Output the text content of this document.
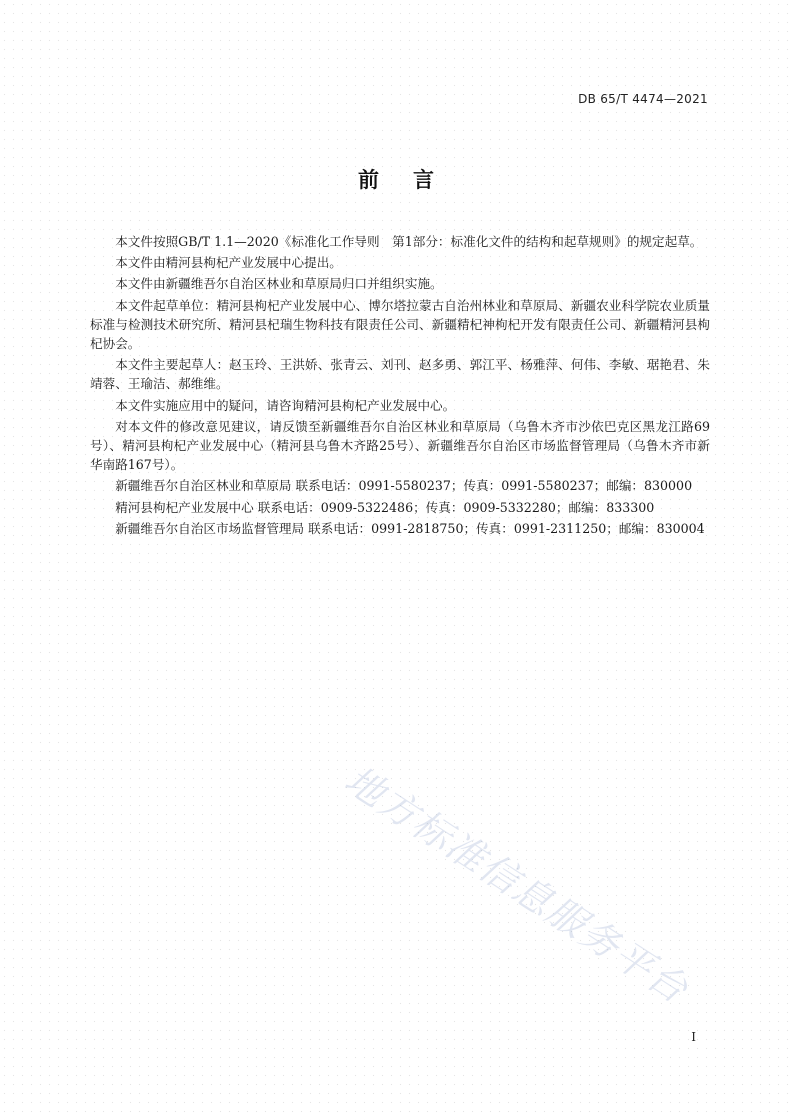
DB 65/T 4474—2021
前言

本文件按照GB/T 1.1—2020《标准化工作导则　第1部分：标准化文件的结构和起草规则》的规定起草。

本文件由精河县枸杞产业发展中心提出。

本文件由新疆维吾尔自治区林业和草原局归口并组织实施。

本文件起草单位：精河县枸杞产业发展中心、博尔塔拉蒙古自治州林业和草原局、新疆农业科学院农业质量标准与检测技术研究所、精河县杞瑞生物科技有限责任公司、新疆精杞神枸杞开发有限责任公司、新疆精河县枸杞协会。

本文件主要起草人：赵玉玲、王洪娇、张青云、刘刊、赵多勇、郭江平、杨雅萍、何伟、李敏、琚艳君、朱靖蓉、王瑜洁、郝维维。

本文件实施应用中的疑问，请咨询精河县枸杞产业发展中心。

对本文件的修改意见建议，请反馈至新疆维吾尔自治区林业和草原局（乌鲁木齐市沙依巴克区黑龙江路69号）、精河县枸杞产业发展中心（精河县乌鲁木齐路25号）、新疆维吾尔自治区市场监督管理局（乌鲁木齐市新华南路167号）。

新疆维吾尔自治区林业和草原局 联系电话：0991-5580237；传真：0991-5580237；邮编：830000

精河县枸杞产业发展中心 联系电话：0909-5322486；传真：0909-5332280；邮编：833300

新疆维吾尔自治区市场监督管理局 联系电话：0991-2818750；传真：0991-2311250；邮编：830004

地方标准信息服务平台
I
